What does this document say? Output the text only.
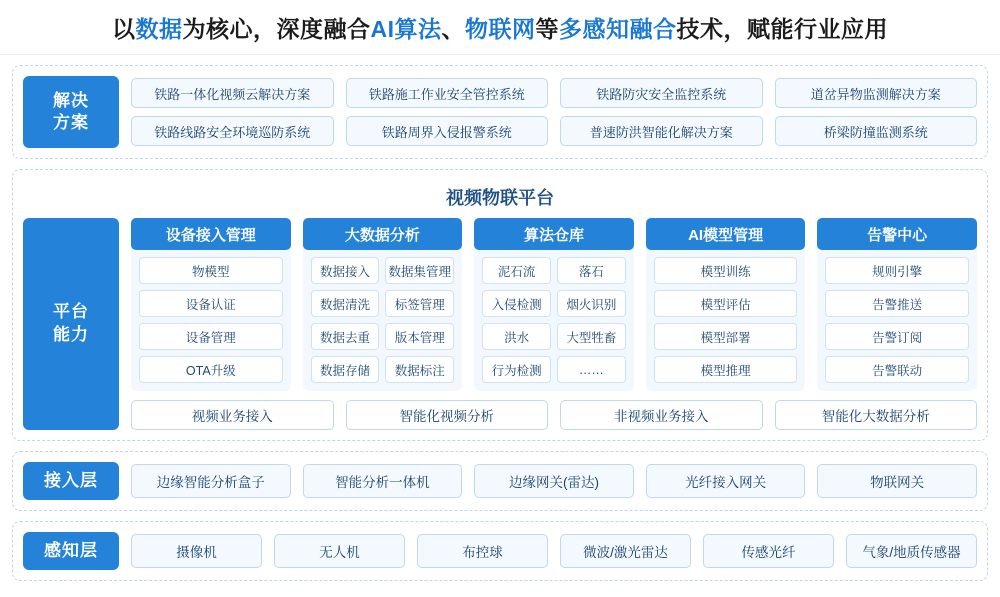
以数据为核心，深度融合AI算法、物联网等多感知融合技术，赋能行业应用
解决
方案
铁路一体化视频云解决方案	铁路施工作业安全管控系统	铁路防灾安全监控系统	道岔异物监测解决方案
铁路线路安全环境巡防系统	铁路周界入侵报警系统	普速防洪智能化解决方案	桥梁防撞监测系统
视频物联平台
平台
能力
设备接入管理
物模型
设备认证
设备管理
OTA升级
大数据分析
数据接入	数据集管理
数据清洗	标签管理
数据去重	版本管理
数据存储	数据标注
算法仓库
泥石流	落石
入侵检测	烟火识别
洪水	大型牲畜
行为检测	……
AI模型管理
模型训练
模型评估
模型部署
模型推理
告警中心
规则引擎
告警推送
告警订阅
告警联动
视频业务接入	智能化视频分析	非视频业务接入	智能化大数据分析
接入层	边缘智能分析盒子	智能分析一体机	边缘网关(雷达)	光纤接入网关	物联网关
感知层	摄像机	无人机	布控球	微波/激光雷达	传感光纤	气象/地质传感器
